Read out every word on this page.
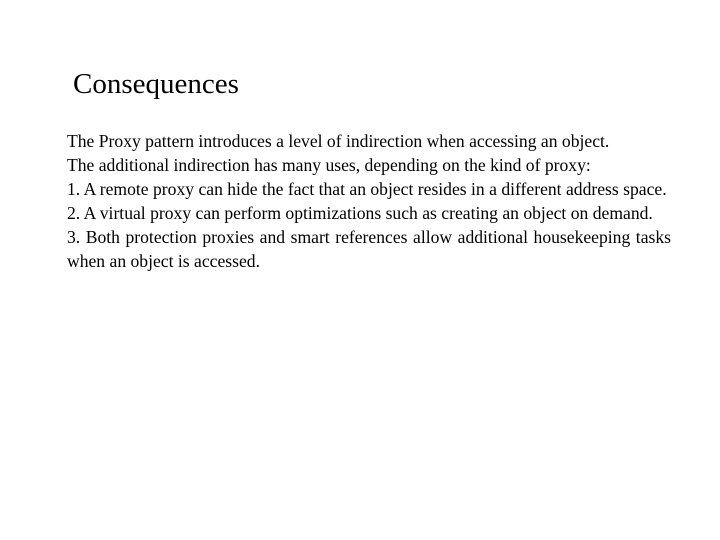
Consequences

The Proxy pattern introduces a level of indirection when accessing an object.

The additional indirection has many uses, depending on the kind of proxy:

1. A remote proxy can hide the fact that an object resides in a different address space.

2. A virtual proxy can perform optimizations such as creating an object on demand.

3. Both protection proxies and smart references allow additional housekeeping tasks when an object is accessed.
